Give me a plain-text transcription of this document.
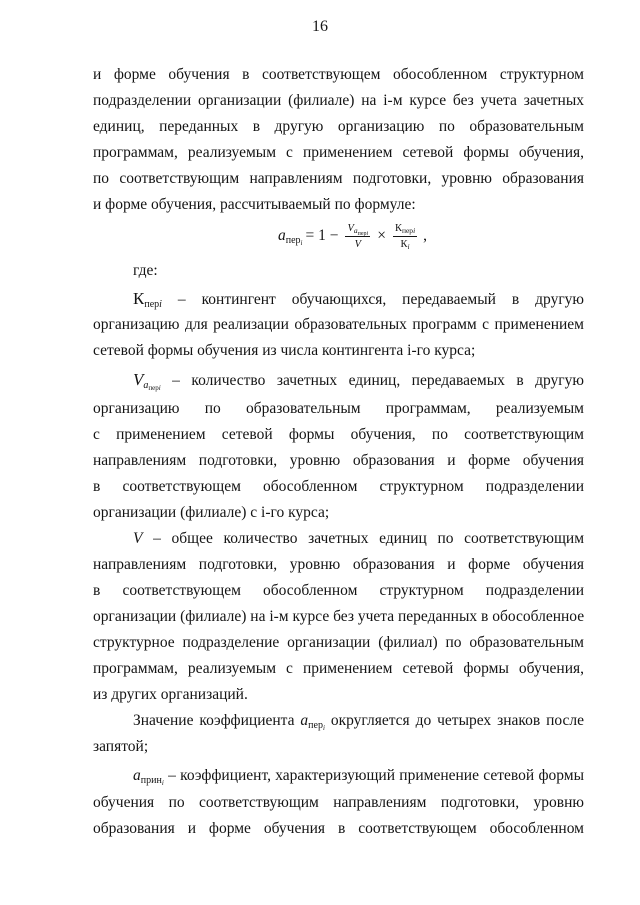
16
и форме обучения в соответствующем обособленном структурном
подразделении организации (филиале) на i-м курсе без учета зачетных
единиц, переданных в другую организацию по образовательным
программам, реализуемым с применением сетевой формы обучения,
по соответствующим направлениям подготовки, уровню образования
и форме обучения, рассчитываемый по формуле:
$a_{пер_i} = 1 - \frac{V_{a_{перi}}}{V} \times \frac{К_{перi}}{К_i}$ ,
где:
$К_{перi}$ – контингент обучающихся, передаваемый в другую
организацию для реализации образовательных программ с применением
сетевой формы обучения из числа контингента i-го курса;
$V_{a_{перi}}$ – количество зачетных единиц, передаваемых в другую
организацию по образовательным программам, реализуемым
с применением сетевой формы обучения, по соответствующим
направлениям подготовки, уровню образования и форме обучения
в соответствующем обособленном структурном подразделении
организации (филиале) с i-го курса;
V – общее количество зачетных единиц по соответствующим
направлениям подготовки, уровню образования и форме обучения
в соответствующем обособленном структурном подразделении
организации (филиале) на i-м курсе без учета переданных в обособленное
структурное подразделение организации (филиал) по образовательным
программам, реализуемым с применением сетевой формы обучения,
из других организаций.
Значение коэффициента $a_{пер_i}$ округляется до четырех знаков после
запятой;
$a_{прин_i}$ – коэффициент, характеризующий применение сетевой формы
обучения по соответствующим направлениям подготовки, уровню
образования и форме обучения в соответствующем обособленном
